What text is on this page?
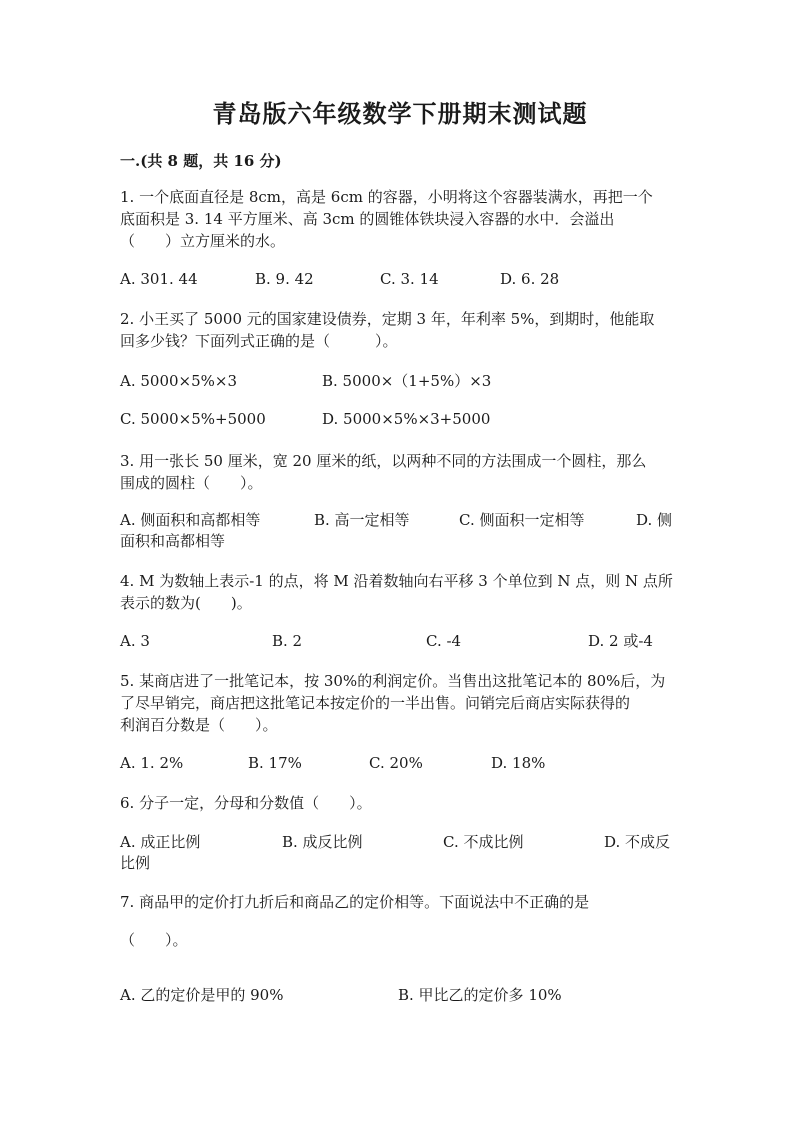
青岛版六年级数学下册期末测试题
一.(共 8 题，共 16 分)
1. 一个底面直径是 8cm，高是 6cm 的容器，小明将这个容器装满水，再把一个
底面积是 3. 14 平方厘米、高 3cm 的圆锥体铁块浸入容器的水中．会溢出
（　　）立方厘米的水。
A. 301. 44	B. 9. 42	C. 3. 14	D. 6. 28
2. 小王买了 5000 元的国家建设债券，定期 3 年，年利率 5%，到期时，他能取
回多少钱？下面列式正确的是（　　　）。
A. 5000×5%×3	B. 5000×（1+5%）×3
C. 5000×5%+5000	D. 5000×5%×3+5000
3. 用一张长 50 厘米，宽 20 厘米的纸，以两种不同的方法围成一个圆柱，那么
围成的圆柱（　　）。
A. 侧面积和高都相等	B. 高一定相等	C. 侧面积一定相等	D. 侧
面积和高都相等
4. M 为数轴上表示-1 的点，将 M 沿着数轴向右平移 3 个单位到 N 点，则 N 点所
表示的数为(　　)。
A. 3	B. 2	C. -4	D. 2 或-4
5. 某商店进了一批笔记本，按 30%的利润定价。当售出这批笔记本的 80%后，为
了尽早销完，商店把这批笔记本按定价的一半出售。问销完后商店实际获得的
利润百分数是（　　）。
A. 1. 2%	B. 17%	C. 20%	D. 18%
6. 分子一定，分母和分数值（　　）。
A. 成正比例	B. 成反比例	C. 不成比例	D. 不成反
比例
7. 商品甲的定价打九折后和商品乙的定价相等。下面说法中不正确的是
（　　）。
A. 乙的定价是甲的 90%	B. 甲比乙的定价多 10%
